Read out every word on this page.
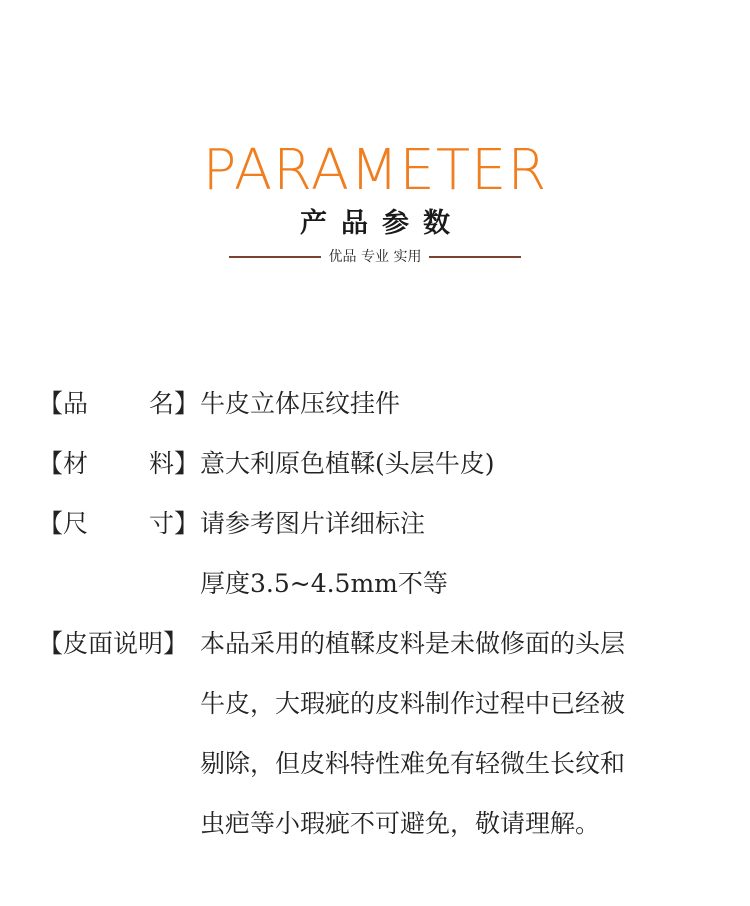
PARAMETER
产品参数
优品 专业 实用
【品名】 牛皮立体压纹挂件
【材料】 意大利原色植鞣(头层牛皮)
【尺寸】 请参考图片详细标注
厚度3.5~4.5mm不等
【皮面说明】 本品采用的植鞣皮料是未做修面的头层
牛皮，大瑕疵的皮料制作过程中已经被
剔除，但皮料特性难免有轻微生长纹和
虫疤等小瑕疵不可避免，敬请理解。
